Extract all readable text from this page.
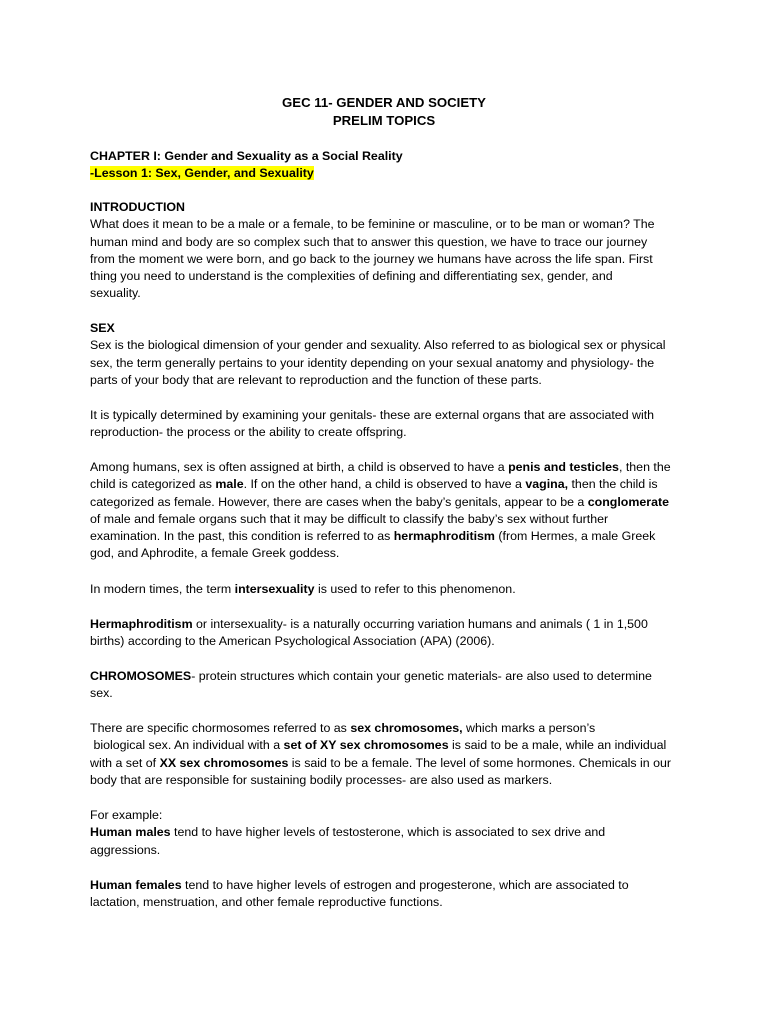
GEC 11- GENDER AND SOCIETY
PRELIM TOPICS
CHAPTER I: Gender and Sexuality as a Social Reality
-Lesson 1: Sex, Gender, and Sexuality
INTRODUCTION
What does it mean to be a male or a female, to be feminine or masculine, or to be man or woman? The
human mind and body are so complex such that to answer this question, we have to trace our journey
from the moment we were born, and go back to the journey we humans have across the life span. First
thing you need to understand is the complexities of defining and differentiating sex, gender, and
sexuality.
SEX
Sex is the biological dimension of your gender and sexuality. Also referred to as biological sex or physical
sex, the term generally pertains to your identity depending on your sexual anatomy and physiology- the
parts of your body that are relevant to reproduction and the function of these parts.
It is typically determined by examining your genitals- these are external organs that are associated with
reproduction- the process or the ability to create offspring.
Among humans, sex is often assigned at birth, a child is observed to have a penis and testicles, then the
child is categorized as male. If on the other hand, a child is observed to have a vagina, then the child is
categorized as female. However, there are cases when the baby’s genitals, appear to be a conglomerate
of male and female organs such that it may be difficult to classify the baby’s sex without further
examination. In the past, this condition is referred to as hermaphroditism (from Hermes, a male Greek
god, and Aphrodite, a female Greek goddess.
In modern times, the term intersexuality is used to refer to this phenomenon.
Hermaphroditism or intersexuality- is a naturally occurring variation humans and animals ( 1 in 1,500
births) according to the American Psychological Association (APA) (2006).
CHROMOSOMES- protein structures which contain your genetic materials- are also used to determine
sex.
There are specific chormosomes referred to as sex chromosomes, which marks a person’s
biological sex. An individual with a set of XY sex chromosomes is said to be a male, while an individual
with a set of XX sex chromosomes is said to be a female. The level of some hormones. Chemicals in our
body that are responsible for sustaining bodily processes- are also used as markers.
For example:
Human males tend to have higher levels of testosterone, which is associated to sex drive and
aggressions.
Human females tend to have higher levels of estrogen and progesterone, which are associated to
lactation, menstruation, and other female reproductive functions.
